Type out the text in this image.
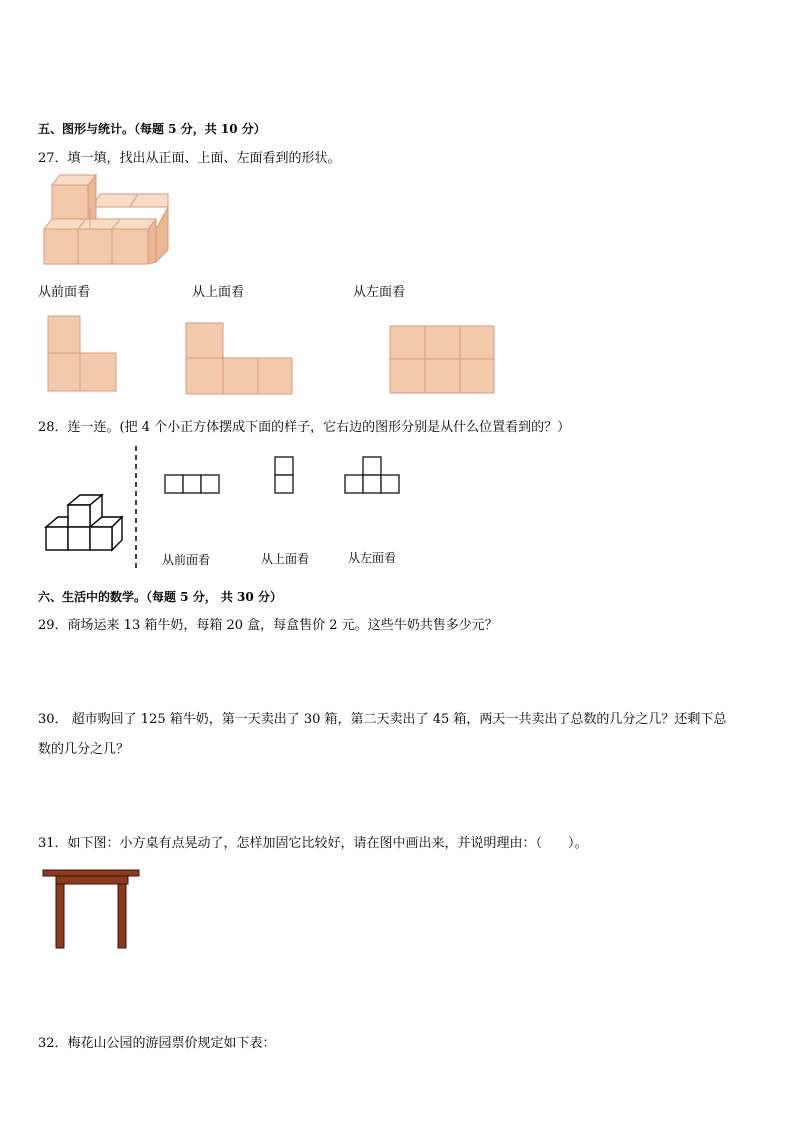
五、图形与统计。（每题 5 分，共 10 分）
27．填一填，找出从正面、上面、左面看到的形状。
从前面看	从上面看	从左面看
28．连一连。(把 4 个小正方体摆成下面的样子，它右边的图形分别是从什么位置看到的？）
从前面看	从上面看	从左面看
六、生活中的数学。（每题 5 分， 共 30 分）
29．商场运来 13 箱牛奶，每箱 20 盒，每盒售价 2 元。这些牛奶共售多少元？
30． 超市购回了 125 箱牛奶，第一天卖出了 30 箱，第二天卖出了 45 箱，两天一共卖出了总数的几分之几？还剩下总
数的几分之几？
31．如下图：小方桌有点晃动了，怎样加固它比较好，请在图中画出来，并说明理由：（　　）。
32．梅花山公园的游园票价规定如下表：
